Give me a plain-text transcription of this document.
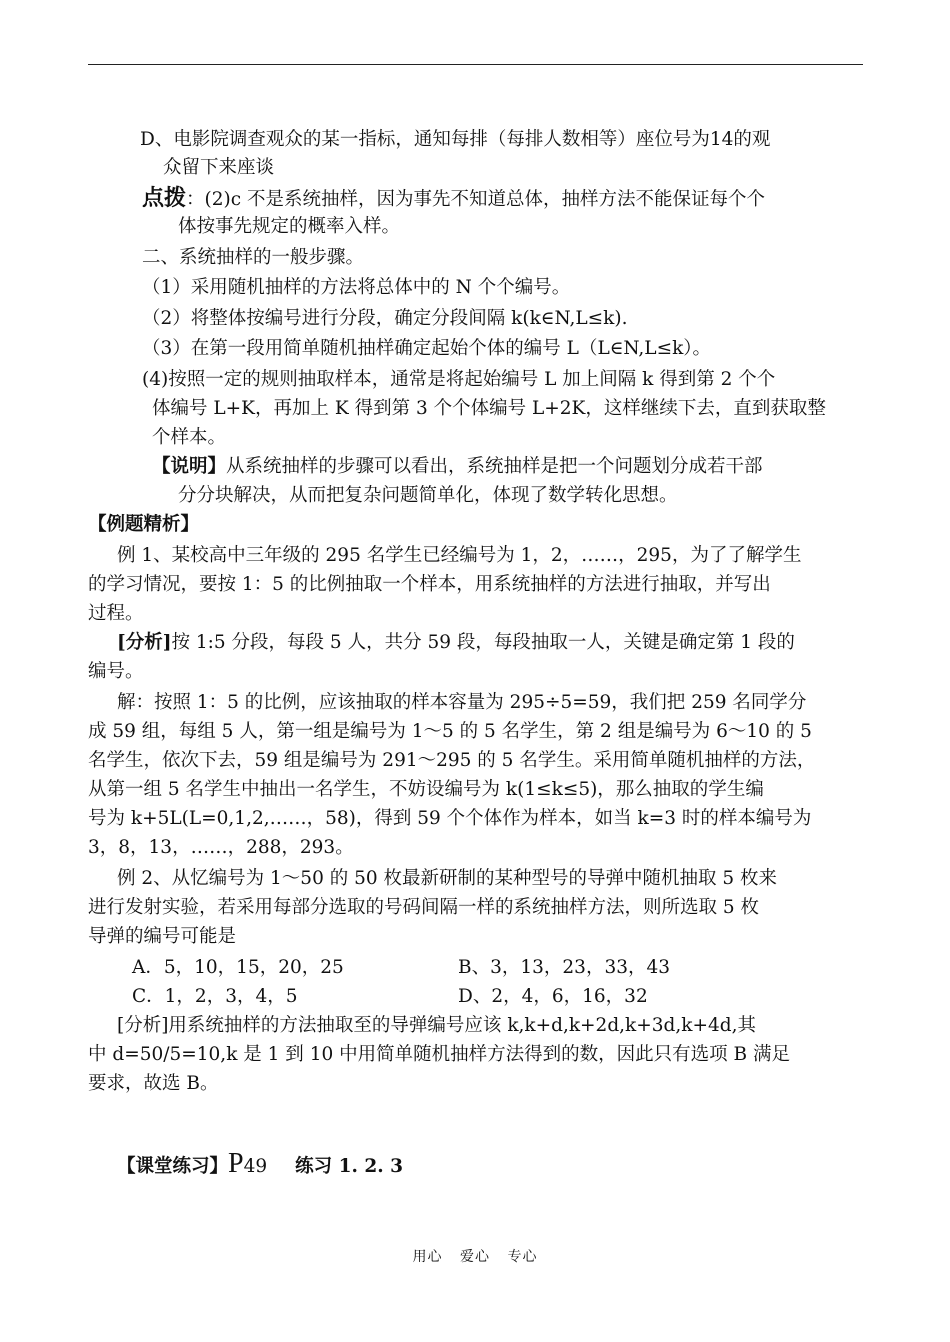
D、电影院调查观众的某一指标，通知每排（每排人数相等）座位号为14的观
众留下来座谈
点拨：(2)c 不是系统抽样，因为事先不知道总体，抽样方法不能保证每个个
体按事先规定的概率入样。
二、系统抽样的一般步骤。
（1）采用随机抽样的方法将总体中的 N 个个编号。
（2）将整体按编号进行分段，确定分段间隔 k(k∈N,L≤k).
（3）在第一段用简单随机抽样确定起始个体的编号 L（L∈N,L≤k）。
(4)按照一定的规则抽取样本，通常是将起始编号 L 加上间隔 k 得到第 2 个个
体编号 L+K，再加上 K 得到第 3 个个体编号 L+2K，这样继续下去，直到获取整
个样本。
【说明】从系统抽样的步骤可以看出，系统抽样是把一个问题划分成若干部
分分块解决，从而把复杂问题简单化，体现了数学转化思想。
【例题精析】
例 1、某校高中三年级的 295 名学生已经编号为 1，2，……，295，为了了解学生
的学习情况，要按 1：5 的比例抽取一个样本，用系统抽样的方法进行抽取，并写出
过程。
[分析]按 1:5 分段，每段 5 人，共分 59 段，每段抽取一人，关键是确定第 1 段的
编号。
解：按照 1：5 的比例，应该抽取的样本容量为 295÷5=59，我们把 259 名同学分
成 59 组，每组 5 人，第一组是编号为 1～5 的 5 名学生，第 2 组是编号为 6～10 的 5
名学生，依次下去，59 组是编号为 291～295 的 5 名学生。采用简单随机抽样的方法，
从第一组 5 名学生中抽出一名学生，不妨设编号为 k(1≤k≤5)，那么抽取的学生编
号为 k+5L(L=0,1,2,……，58)，得到 59 个个体作为样本，如当 k=3 时的样本编号为
3，8，13，……，288，293。
例 2、从忆编号为 1～50 的 50 枚最新研制的某种型号的导弹中随机抽取 5 枚来
进行发射实验，若采用每部分选取的号码间隔一样的系统抽样方法，则所选取 5 枚
导弹的编号可能是
A．5，10，15，20，25	B、3，13，23，33，43
C．1，2，3，4，5	D、2，4，6，16，32
[分析]用系统抽样的方法抽取至的导弹编号应该 k,k+d,k+2d,k+3d,k+4d,其
中 d=50/5=10,k 是 1 到 10 中用简单随机抽样方法得到的数，因此只有选项 B 满足
要求，故选 B。
【课堂练习】P49 练习 1. 2. 3
用心 爱心 专心
